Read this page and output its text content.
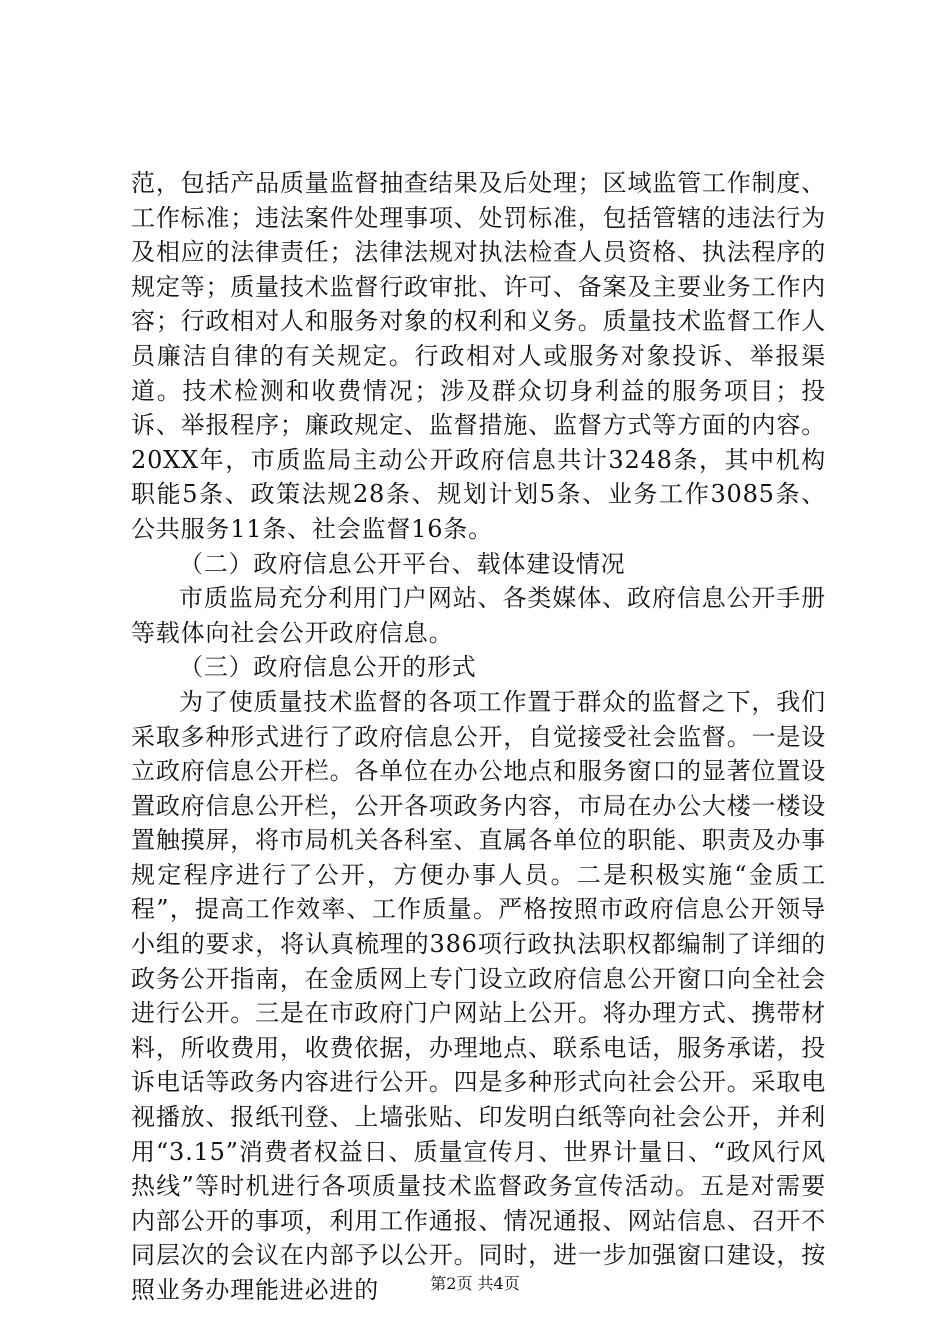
范，包括产品质量监督抽查结果及后处理；区域监管工作制度、工作标准；违法案件处理事项、处罚标准，包括管辖的违法行为及相应的法律责任；法律法规对执法检查人员资格、执法程序的规定等；质量技术监督行政审批、许可、备案及主要业务工作内容；行政相对人和服务对象的权利和义务。质量技术监督工作人员廉洁自律的有关规定。行政相对人或服务对象投诉、举报渠道。技术检测和收费情况；涉及群众切身利益的服务项目；投诉、举报程序；廉政规定、监督措施、监督方式等方面的内容。20XX年，市质监局主动公开政府信息共计3248条，其中机构职能5条、政策法规28条、规划计划5条、业务工作3085条、公共服务11条、社会监督16条。

（二）政府信息公开平台、载体建设情况

市质监局充分利用门户网站、各类媒体、政府信息公开手册等载体向社会公开政府信息。

（三）政府信息公开的形式

为了使质量技术监督的各项工作置于群众的监督之下，我们采取多种形式进行了政府信息公开，自觉接受社会监督。一是设立政府信息公开栏。各单位在办公地点和服务窗口的显著位置设置政府信息公开栏，公开各项政务内容，市局在办公大楼一楼设置触摸屏，将市局机关各科室、直属各单位的职能、职责及办事规定程序进行了公开，方便办事人员。二是积极实施“金质工程”，提高工作效率、工作质量。严格按照市政府信息公开领导小组的要求，将认真梳理的386项行政执法职权都编制了详细的政务公开指南，在金质网上专门设立政府信息公开窗口向全社会进行公开。三是在市政府门户网站上公开。将办理方式、携带材料，所收费用，收费依据，办理地点、联系电话，服务承诺，投诉电话等政务内容进行公开。四是多种形式向社会公开。采取电视播放、报纸刊登、上墙张贴、印发明白纸等向社会公开，并利用“3.15”消费者权益日、质量宣传月、世界计量日、“政风行风热线”等时机进行各项质量技术监督政务宣传活动。五是对需要内部公开的事项，利用工作通报、情况通报、网站信息、召开不同层次的会议在内部予以公开。同时，进一步加强窗口建设，按照业务办理能进必进的	第2页 共4页
